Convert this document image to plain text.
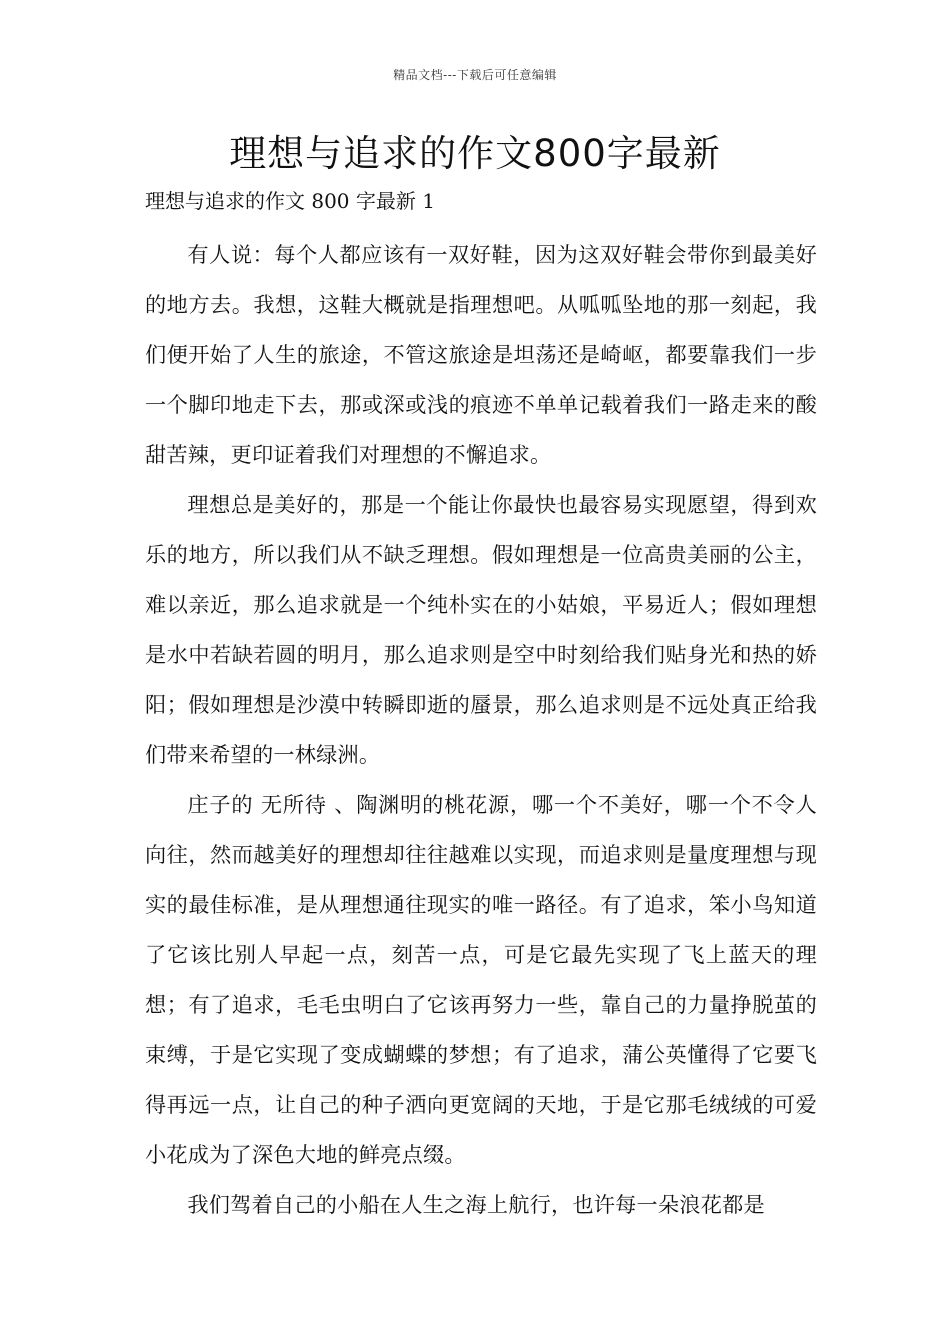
精品文档---下载后可任意编辑
理想与追求的作文800字最新
理想与追求的作文 800 字最新 1

有人说：每个人都应该有一双好鞋，因为这双好鞋会带你到最美好的地方去。我想，这鞋大概就是指理想吧。从呱呱坠地的那一刻起，我们便开始了人生的旅途，不管这旅途是坦荡还是崎岖，都要靠我们一步一个脚印地走下去，那或深或浅的痕迹不单单记载着我们一路走来的酸甜苦辣，更印证着我们对理想的不懈追求。

理想总是美好的，那是一个能让你最快也最容易实现愿望，得到欢乐的地方，所以我们从不缺乏理想。假如理想是一位高贵美丽的公主，难以亲近，那么追求就是一个纯朴实在的小姑娘，平易近人；假如理想是水中若缺若圆的明月，那么追求则是空中时刻给我们贴身光和热的娇阳；假如理想是沙漠中转瞬即逝的蜃景，那么追求则是不远处真正给我们带来希望的一林绿洲。

庄子的 无所待 、陶渊明的桃花源，哪一个不美好，哪一个不令人向往，然而越美好的理想却往往越难以实现，而追求则是量度理想与现实的最佳标准，是从理想通往现实的唯一路径。有了追求，笨小鸟知道了它该比别人早起一点，刻苦一点，可是它最先实现了飞上蓝天的理想；有了追求，毛毛虫明白了它该再努力一些，靠自己的力量挣脱茧的束缚，于是它实现了变成蝴蝶的梦想；有了追求，蒲公英懂得了它要飞得再远一点，让自己的种子洒向更宽阔的天地，于是它那毛绒绒的可爱小花成为了深色大地的鲜亮点缀。

我们驾着自己的小船在人生之海上航行，也许每一朵浪花都是
